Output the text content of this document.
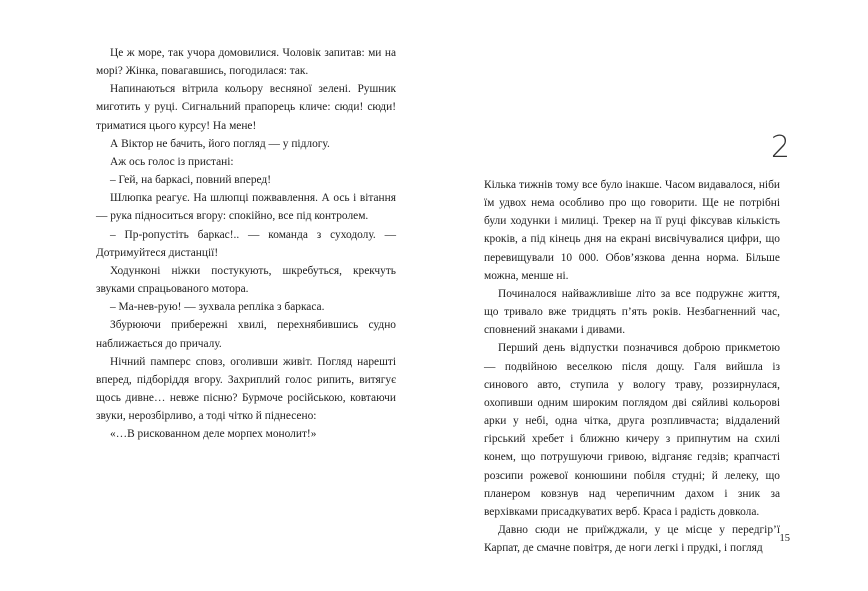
Це ж море, так учора домовилися. Чоловік запитав: ми на морі? Жінка, повагавшись, погодилася: так.

Напинаються вітрила кольору весняної зелені. Рушник миготить у руці. Сигнальний прапорець кличе: сюди! сюди! триматися цього курсу! На мене!

А Віктор не бачить, його погляд — у підлогу.

Аж ось голос із пристані:

– Гей, на баркасі, повний вперед!

Шлюпка реагує. На шлюпці пожвавлення. А ось і вітання — рука підноситься вгору: спокійно, все під контролем.

– Пр-ропустіть баркас!.. — команда з суходолу. — Дотримуйтеся дистанції!

Ходунконі ніжки постукують, шкребуться, крекчуть звуками спрацьованого мотора.

– Ма-нев-рую! — зухвала репліка з баркаса.

Збурюючи прибережні хвилі, перехнябившись судно наближається до причалу.

Нічний памперс сповз, оголивши живіт. Погляд нарешті вперед, підборіддя вгору. Захриплий голос рипить, витягує щось дивне… невже пісню? Бурмоче російською, ковтаючи звуки, нерозбірливо, а тоді чітко й піднесено:

«…В рискованном деле морпех монолит!»

2

Кілька тижнів тому все було інакше. Часом видавалося, ніби їм удвох нема особливо про що говорити. Ще не потрібні були ходунки і милиці. Трекер на її руці фіксував кількість кроків, а під кінець дня на екрані висвічувалися цифри, що перевищували 10 000. Обов’язкова денна норма. Більше можна, менше ні.

Починалося найважливіше літо за все подружнє життя, що тривало вже тридцять п’ять років. Незбагненний час, сповнений знаками і дивами.

Перший день відпустки позначився доброю прикметою — подвійною веселкою після дощу. Галя вийшла із синового авто, ступила у вологу траву, роззирнулася, охопивши одним широким поглядом дві сяйливі кольорові арки у небі, одна чітка, друга розпливчаста; віддалений гірський хребет і ближню кичеру з припнутим на схилі конем, що потрушуючи гривою, відганяє гедзів; крапчасті розсипи рожевої конюшини побіля студні; й лелеку, що планером ковзнув над черепичним дахом і зник за верхівками присадкуватих верб. Краса і радість довкола.

Давно сюди не приїжджали, у це місце у передгір’ї Карпат, де смачне повітря, де ноги легкі і прудкі, і погляд

15
